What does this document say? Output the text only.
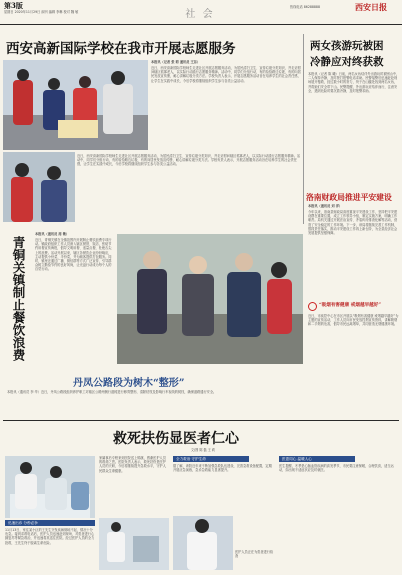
第3版
星期日 2020年11月29日 副刊 编辑 李琳 校对 魏 敏	社 会
热线电话 86288888	西安日报
西安高新国际学校在我市开展志愿服务
本报讯（记者 张 莉 通讯员 王东）
近日，西安高新国际学校师生走进社区开展志愿服务活动，为居民清扫卫生、宣传垃圾分类知识，并走访慰问辖区孤寡老人，以实际行动践行志愿服务精神。活动中，同学们分组行动，有的捡拾路边垃圾，有的向居民发放宣传册，耐心讲解垃圾分类方法。学校负责人表示，开展志愿服务活动旨在培养学生的社会责任感，让学生在实践中成长，今后学校将继续组织学生参与各类公益活动。
近日，西安高新国际学校师生走进社区开展志愿服务活动，为居民清扫卫生、宣传垃圾分类知识，并走访慰问辖区孤寡老人，以实际行动践行志愿服务精神。活动中，同学们分组行动，有的捡拾路边垃圾，有的向居民发放宣传册，耐心讲解垃圾分类方法。学校负责人表示，开展志愿服务活动旨在培养学生的社会责任感，让学生在实践中成长，今后学校将继续组织学生参与各类公益活动。
两女孩游玩被困
冷静应对终获救
本报讯（记者 陈 曦）日前，两名女孩结伴外出游玩时被困山中，二人保持冷静，及时拨打报警电话求助。民警接警后迅速赶赴现场展开搜救，经过数小时的努力，终于在山腰处找到两名女孩，并将她们安全带下山。民警提醒，外出游玩应结伴而行，注意安全，遇到危险时要沉着冷静，及时报警求助。
青铜关镇制止餐饮浪费
本报讯（通讯员 周 敏）
近日，青铜关镇在全镇范围内开展制止餐饮浪费专项行动。镇政府组织工作人员深入辖区餐馆、饭店，张贴节约用餐宣传海报，倡导文明用餐、适量点餐，杜绝舌尖上的浪费。活动开展以来，辖区各餐饮企业纷纷响应，主动提供小份菜、半份菜，并为顾客提供打包服务。同时，镇里还通过广播、微信群等方式广泛宣传，引导群众树立勤俭节约的良好风尚，让光盘行动成为每个人的自觉行动。
洛南财政局推进平安建设
本报讯（通讯员 刘 洋）
今年以来，洛南县财政局高度重视平安建设工作，坚持把平安建设摆在重要位置，成立工作领导小组，制定实施方案，明确工作职责。局机关通过开展法治宣传、矛盾纠纷排查化解等活动，营造了安全稳定的工作环境。下一步，该局将继续完善工作机制，狠抓责任落实，推动平安建设工作再上新台阶，为全县经济社会发展提供坚强保障。
丹凤公路段为树木“整形”
本报讯（通讯员 李 华）近日，丹凤公路段组织养护职工对辖区公路两侧行道树进行修剪整形，清除枯枝及影响行车视线的树枝，确保道路通行安全。
“吸烟有害健康 戒烟越早越好”
近日，市疾控中心在市区开展以“吸烟有害健康 戒烟越早越好”为主题的宣传活动，工作人员向市民发放控烟宣传资料，讲解吸烟和二手烟的危害，倡导市民远离烟草，共同营造无烟健康环境。
救死扶伤显医者仁心
文/图 陈 磊 王 莉
迅速出诊 分秒必争
11月13日，家住某小区的王先生突发疾病倒地不起，情况十分危急。接到求救电话后，医护人员迅速赶到现场，对患者进行心肺复苏等紧急救治，并迅速将其送往医院。经过医护人员的全力抢救，王先生终于脱离生命危险。
家属事后专程来到医院送上锦旗，感谢医护人员的救命之恩。医院负责人表示，救死扶伤是医护人员的天职，今后将继续提升急救水平，守护人民群众生命健康。
全力救治 守护生命
据了解，该院近年来不断加强急救队伍建设，完善急救设备配置，定期开展应急演练，急诊急救能力显著提升。
医护人员正在为患者进行检查
医患同心 温暖人心
医生提醒，冬季是心脑血管疾病的高发季节，市民要注意保暖，合理饮食，适当运动，如出现不适症状应及时就医。
